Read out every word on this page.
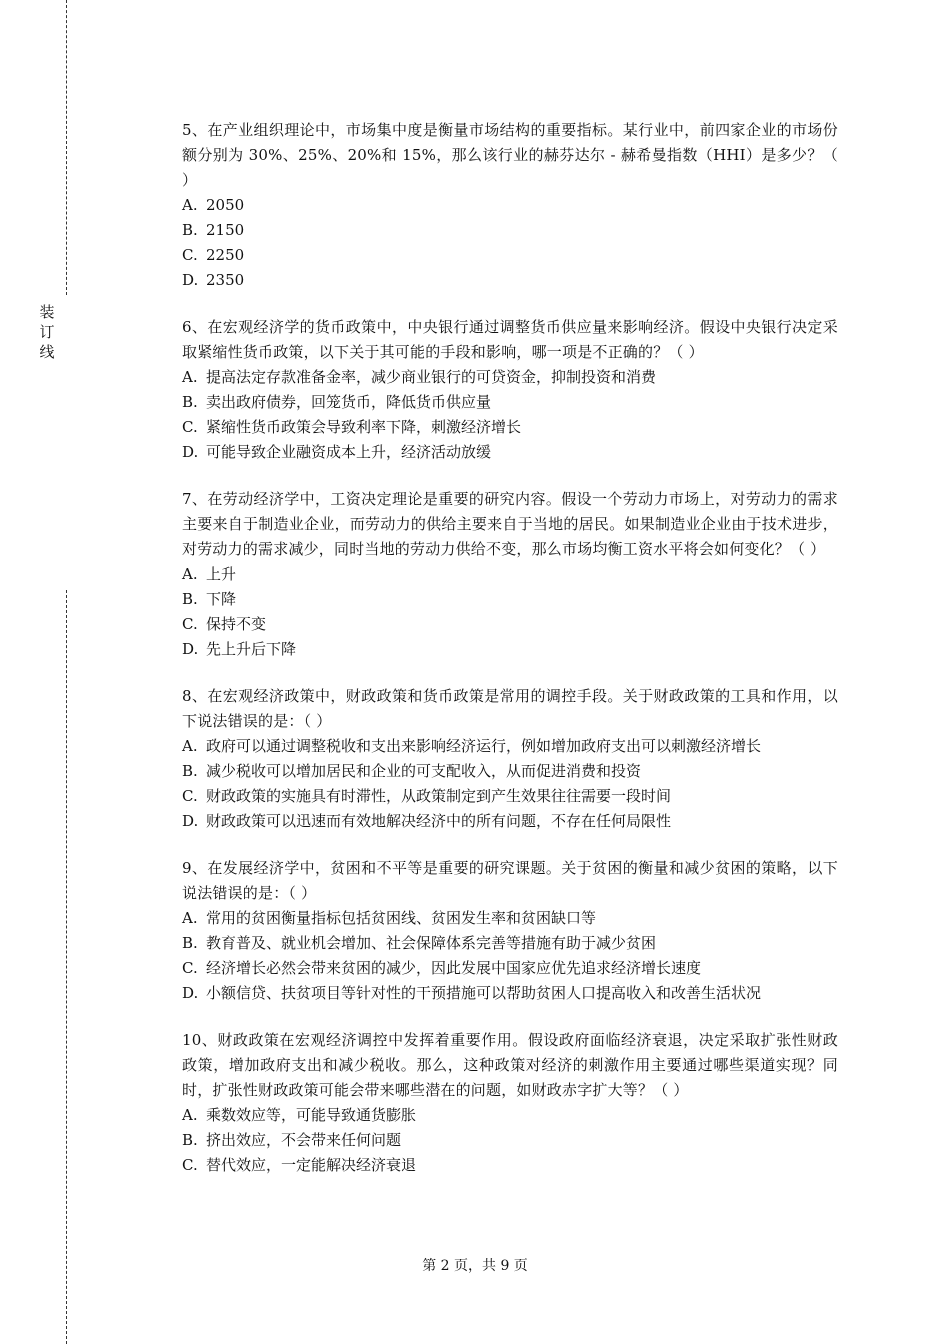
装
订
线

5、在产业组织理论中，市场集中度是衡量市场结构的重要指标。某行业中，前四家企业的市场份额分别为 30%、25%、20%和 15%，那么该行业的赫芬达尔 - 赫希曼指数（HHI）是多少？（ ）

A. 2050

B. 2150

C. 2250

D. 2350

6、在宏观经济学的货币政策中，中央银行通过调整货币供应量来影响经济。假设中央银行决定采取紧缩性货币政策，以下关于其可能的手段和影响，哪一项是不正确的？（ ）

A. 提高法定存款准备金率，减少商业银行的可贷资金，抑制投资和消费

B. 卖出政府债券，回笼货币，降低货币供应量

C. 紧缩性货币政策会导致利率下降，刺激经济增长

D. 可能导致企业融资成本上升，经济活动放缓

7、在劳动经济学中，工资决定理论是重要的研究内容。假设一个劳动力市场上，对劳动力的需求主要来自于制造业企业，而劳动力的供给主要来自于当地的居民。如果制造业企业由于技术进步，对劳动力的需求减少，同时当地的劳动力供给不变，那么市场均衡工资水平将会如何变化？（ ）

A. 上升

B. 下降

C. 保持不变

D. 先上升后下降

8、在宏观经济政策中，财政政策和货币政策是常用的调控手段。关于财政政策的工具和作用，以下说法错误的是：（ ）

A. 政府可以通过调整税收和支出来影响经济运行，例如增加政府支出可以刺激经济增长

B. 减少税收可以增加居民和企业的可支配收入，从而促进消费和投资

C. 财政政策的实施具有时滞性，从政策制定到产生效果往往需要一段时间

D. 财政政策可以迅速而有效地解决经济中的所有问题，不存在任何局限性

9、在发展经济学中，贫困和不平等是重要的研究课题。关于贫困的衡量和减少贫困的策略，以下说法错误的是：（ ）

A. 常用的贫困衡量指标包括贫困线、贫困发生率和贫困缺口等

B. 教育普及、就业机会增加、社会保障体系完善等措施有助于减少贫困

C. 经济增长必然会带来贫困的减少，因此发展中国家应优先追求经济增长速度

D. 小额信贷、扶贫项目等针对性的干预措施可以帮助贫困人口提高收入和改善生活状况

10、财政政策在宏观经济调控中发挥着重要作用。假设政府面临经济衰退，决定采取扩张性财政政策，增加政府支出和减少税收。那么，这种政策对经济的刺激作用主要通过哪些渠道实现？同时，扩张性财政政策可能会带来哪些潜在的问题，如财政赤字扩大等？（ ）

A. 乘数效应等，可能导致通货膨胀

B. 挤出效应，不会带来任何问题

C. 替代效应，一定能解决经济衰退

第 2 页，共 9 页
